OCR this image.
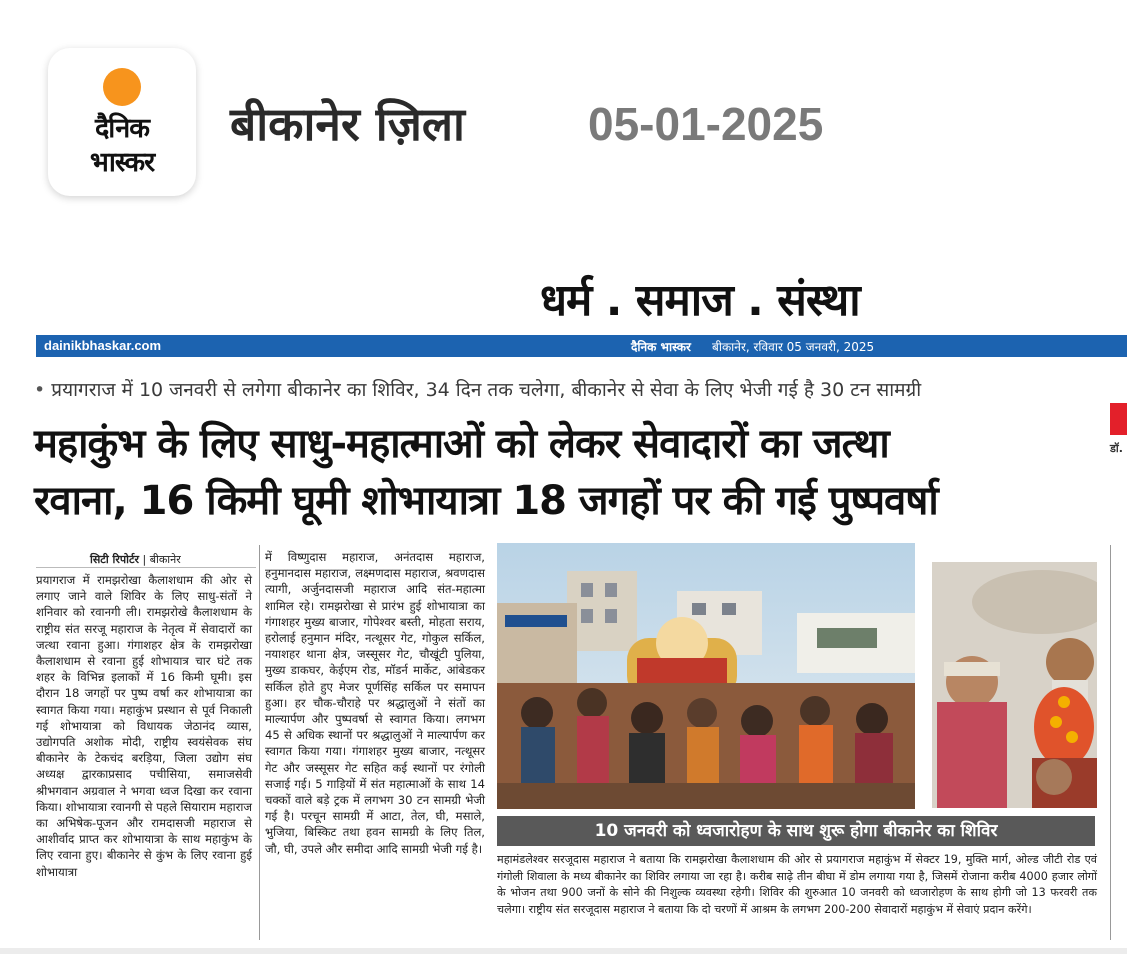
दैनिक
भास्कर
बीकानेर ज़िला	05-01-2025
धर्म . समाज . संस्था
dainikbhaskar.com	दैनिक भास्कर बीकानेर, रविवार 05 जनवरी, 2025
• प्रयागराज में 10 जनवरी से लगेगा बीकानेर का शिविर, 34 दिन तक चलेगा, बीकानेर से सेवा के लिए भेजी गई है 30 टन सामग्री
महाकुंभ के लिए साधु-महात्माओं को लेकर सेवादारों का जत्था
रवाना, 16 किमी घूमी शोभायात्रा 18 जगहों पर की गई पुष्पवर्षा
डॉ.
सिटी रिपोर्टर | बीकानेर
प्रयागराज में रामझरोखा कैलाशधाम की ओर से लगाए जाने वाले शिविर के लिए साधु-संतों ने शनिवार को रवानगी ली। रामझरोखे कैलाशधाम के राष्ट्रीय संत सरजू महाराज के नेतृत्व में सेवादारों का जत्था रवाना हुआ। गंगाशहर क्षेत्र के रामझरोखा कैलाशधाम से रवाना हुई शोभायात्र चार घंटे तक शहर के विभिन्न इलाकों में 16 किमी घूमी। इस दौरान 18 जगहों पर पुष्प वर्षा कर शोभायात्रा का स्वागत किया गया। महाकुंभ प्रस्थान से पूर्व निकाली गई शोभायात्रा को विधायक जेठानंद व्यास, उद्योगपति अशोक मोदी, राष्ट्रीय स्वयंसेवक संघ बीकानेर के टेकचंद बरड़िया, जिला उद्योग संघ अध्यक्ष द्वारकाप्रसाद पचीसिया, समाजसेवी श्रीभगवान अग्रवाल ने भगवा ध्वज दिखा कर रवाना किया। शोभायात्रा रवानगी से पहले सियाराम महाराज का अभिषेक-पूजन और रामदासजी महाराज से आशीर्वाद प्राप्त कर शोभायात्रा के साथ महाकुंभ के लिए रवाना हुए। बीकानेर से कुंभ के लिए रवाना हुई शोभायात्रा
में विष्णुदास महाराज, अनंतदास महाराज, हनुमानदास महाराज, लक्ष्मणदास महाराज, श्रवणदास त्यागी, अर्जुनदासजी महाराज आदि संत-महात्मा शामिल रहे। रामझरोखा से प्रारंभ हुई शोभायात्रा का गंगाशहर मुख्य बाजार, गोपेश्वर बस्ती, मोहता सराय, हरोलाई हनुमान मंदिर, नत्थूसर गेट, गोकुल सर्किल, नयाशहर थाना क्षेत्र, जस्सूसर गेट, चौखूंटी पुलिया, मुख्य डाकघर, केईएम रोड, मॉडर्न मार्केट, आंबेडकर सर्किल होते हुए मेजर पूर्णसिंह सर्किल पर समापन हुआ। हर चौक-चौराहे पर श्रद्धालुओं ने संतों का माल्यार्पण और पुष्पवर्षा से स्वागत किया। लगभग 45 से अधिक स्थानों पर श्रद्धालुओं ने माल्यार्पण कर स्वागत किया गया। गंगाशहर मुख्य बाजार, नत्थूसर गेट और जस्सूसर गेट सहित कई स्थानों पर रंगोली सजाई गई। 5 गाड़ियों में संत महात्माओं के साथ 14 चक्कों वाले बड़े ट्रक में लगभग 30 टन सामग्री भेजी गई है। परचून सामग्री में आटा, तेल, घी, मसाले, भुजिया, बिस्किट तथा हवन सामग्री के लिए तिल, जौ, घी, उपले और समीदा आदि सामग्री भेजी गई है।
10 जनवरी को ध्वजारोहण के साथ शुरू होगा बीकानेर का शिविर
महामंडलेश्वर सरजूदास महाराज ने बताया कि रामझरोखा कैलाशधाम की ओर से प्रयागराज महाकुंभ में सेक्टर 19, मुक्ति मार्ग, ओल्ड जीटी रोड एवं गंगोली शिवाला के मध्य बीकानेर का शिविर लगाया जा रहा है। करीब साढ़े तीन बीघा में डोम लगाया गया है, जिसमें रोजाना करीब 4000 हजार लोगों के भोजन तथा 900 जनों के सोने की निशुल्क व्यवस्था रहेगी। शिविर की शुरुआत 10 जनवरी को ध्वजारोहण के साथ होगी जो 13 फरवरी तक चलेगा। राष्ट्रीय संत सरजूदास महाराज ने बताया कि दो चरणों में आश्रम के लगभग 200-200 सेवादारों महाकुंभ में सेवाएं प्रदान करेंगे।
